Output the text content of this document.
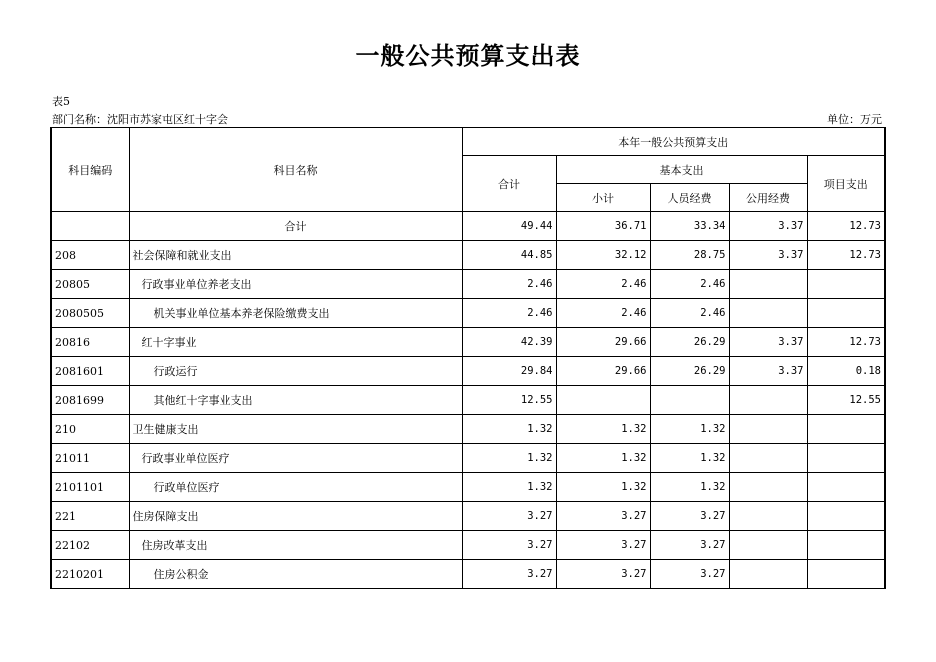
一般公共预算支出表
表5
部门名称：沈阳市苏家屯区红十字会	单位：万元
科目编码	科目名称	本年一般公共预算支出				
		合计	基本支出			项目支出
			小计	人员经费	公用经费	
	合计	49.44	36.71	33.34	3.37	12.73
208	社会保障和就业支出	44.85	32.12	28.75	3.37	12.73
20805	行政事业单位养老支出	2.46	2.46	2.46		
2080505	机关事业单位基本养老保险缴费支出	2.46	2.46	2.46		
20816	红十字事业	42.39	29.66	26.29	3.37	12.73
2081601	行政运行	29.84	29.66	26.29	3.37	0.18
2081699	其他红十字事业支出	12.55				12.55
210	卫生健康支出	1.32	1.32	1.32		
21011	行政事业单位医疗	1.32	1.32	1.32		
2101101	行政单位医疗	1.32	1.32	1.32		
221	住房保障支出	3.27	3.27	3.27		
22102	住房改革支出	3.27	3.27	3.27		
2210201	住房公积金	3.27	3.27	3.27		
